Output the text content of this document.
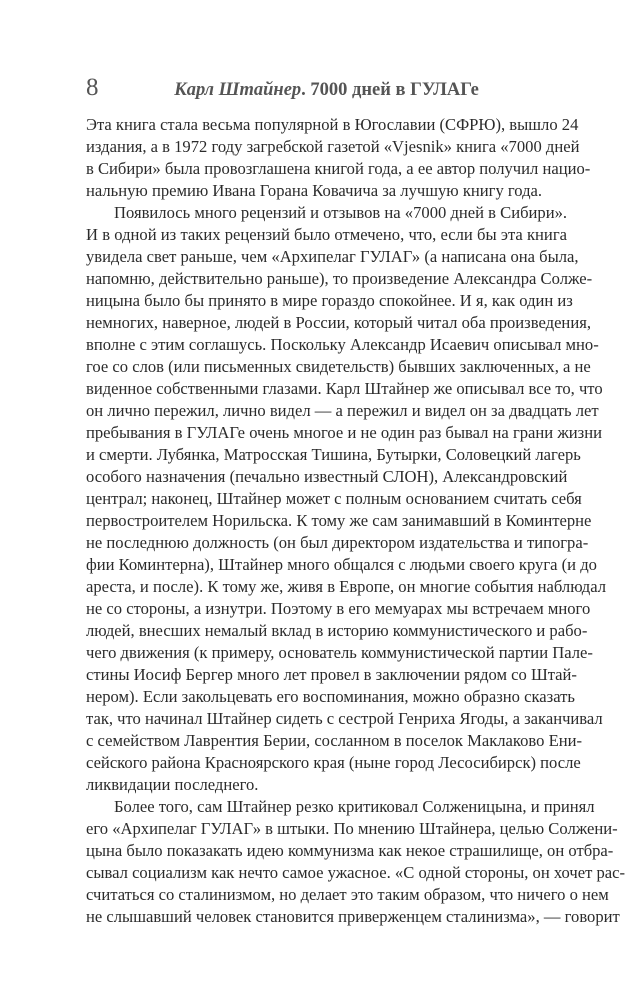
8	Карл Штайнер. 7000 дней в ГУЛАГе
Эта книга стала весьма популярной в Югославии (СФРЮ), вышло 24
издания, а в 1972 году загребской газетой «Vjesnik» книга «7000 дней
в Сибири» была провозглашена книгой года, а ее автор получил нацио-
нальную премию Ивана Горана Ковачича за лучшую книгу года.
Появилось много рецензий и отзывов на «7000 дней в Сибири».
И в одной из таких рецензий было отмечено, что, если бы эта книга
увидела свет раньше, чем «Архипелаг ГУЛАГ» (а написана она была,
напомню, действительно раньше), то произведение Александра Солже-
ницына было бы принято в мире гораздо спокойнее. И я, как один из
немногих, наверное, людей в России, который читал оба произведения,
вполне с этим соглашусь. Поскольку Александр Исаевич описывал мно-
гое со слов (или письменных свидетельств) бывших заключенных, а не
виденное собственными глазами. Карл Штайнер же описывал все то, что
он лично пережил, лично видел — а пережил и видел он за двадцать лет
пребывания в ГУЛАГе очень многое и не один раз бывал на грани жизни
и смерти. Лубянка, Матросская Тишина, Бутырки, Соловецкий лагерь
особого назначения (печально известный СЛОН), Александровский
централ; наконец, Штайнер может с полным основанием считать себя
первостроителем Норильска. К тому же сам занимавший в Коминтерне
не последнюю должность (он был директором издательства и типогра-
фии Коминтерна), Штайнер много общался с людьми своего круга (и до
ареста, и после). К тому же, живя в Европе, он многие события наблюдал
не со стороны, а изнутри. Поэтому в его мемуарах мы встречаем много
людей, внесших немалый вклад в историю коммунистического и рабо-
чего движения (к примеру, основатель коммунистической партии Пале-
стины Иосиф Бергер много лет провел в заключении рядом со Штай-
нером). Если закольцевать его воспоминания, можно образно сказать
так, что начинал Штайнер сидеть с сестрой Генриха Ягоды, а заканчивал
с семейством Лаврентия Берии, сосланном в поселок Маклаково Ени-
сейского района Красноярского края (ныне город Лесосибирск) после
ликвидации последнего.
Более того, сам Штайнер резко критиковал Солженицына, и принял
его «Архипелаг ГУЛАГ» в штыки. По мнению Штайнера, целью Солжени-
цына было показакать идею коммунизма как некое страшилище, он отбра-
сывал социализм как нечто самое ужасное. «С одной стороны, он хочет рас-
считаться со сталинизмом, но делает это таким образом, что ничего о нем
не слышавший человек становится приверженцем сталинизма», — говорит
